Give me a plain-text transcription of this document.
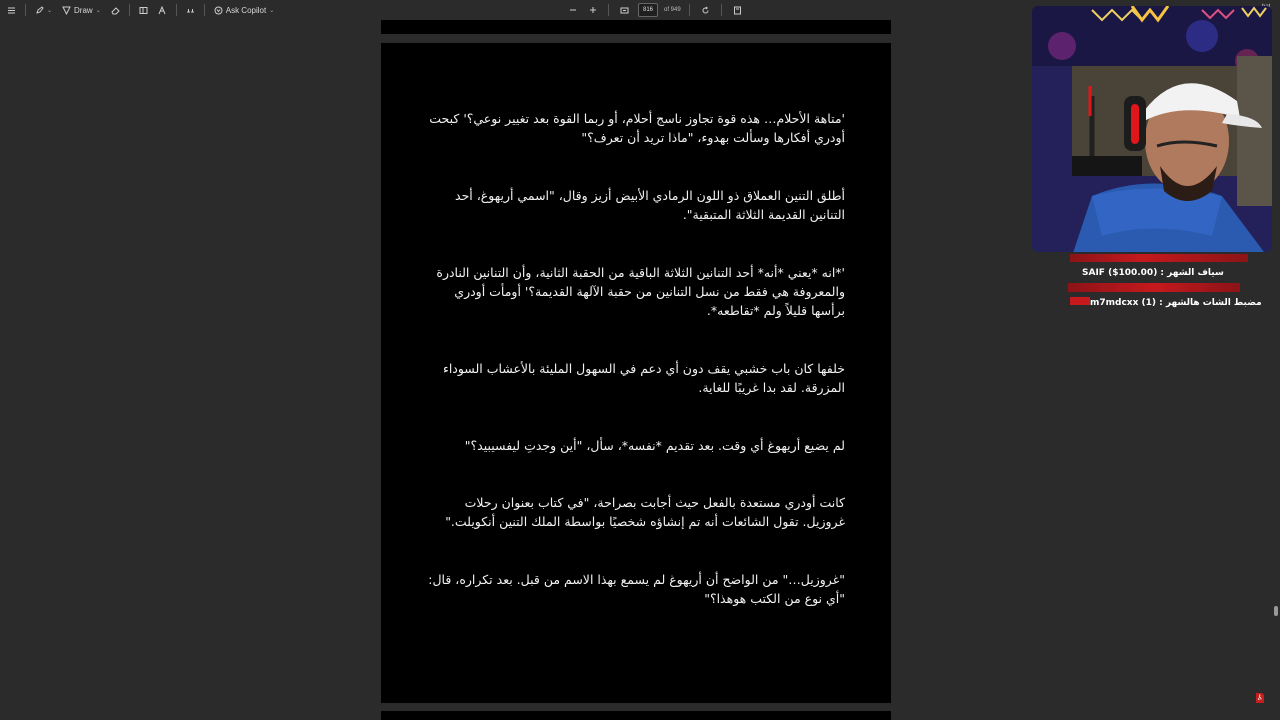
⌄	Draw ⌄	Ask Copilot ⌄	816	of 949
'متاهة الأحلام… هذه قوة تجاوز ناسج أحلام، أو ربما القوة بعد تغيير نوعي؟' كبحت أودري أفكارها وسألت بهدوء، "ماذا تريد أن تعرف؟"
أطلق التنين العملاق ذو اللون الرمادي الأبيض أزيز وقال، "اسمي أريهوغ، أحد التنانين القديمة الثلاثة المتبقية".
'*انه *يعني *أنه* أحد التنانين الثلاثة الباقية من الحقبة الثانية، وأن التنانين النادرة والمعروفة هي فقط من نسل التنانين من حقبة الآلهة القديمة؟' أومأت أودري برأسها قليلاً ولم *تقاطعه*.
خلفها كان باب خشبي يقف دون أي دعم في السهول المليئة بالأعشاب السوداء المزرقة. لقد بدا غريبًا للغاية.
لم يضيع أريهوغ أي وقت. بعد تقديم *نفسه*، سأل، "أين وجدتِ ليفسيبيد؟"
كانت أودري مستعدة بالفعل حيث أجابت بصراحة، "في كتاب بعنوان رحلات غروزيل. تقول الشائعات أنه تم إنشاؤه شخصيًا بواسطة الملك التنين أنكويلت."
"غروزيل…" من الواضح أن أريهوغ لم يسمع بهذا الاسم من قبل. بعد تكراره، قال: "أي نوع من الكتب هوهذا؟"
سياف الشهر : (SAIF ($100.00
مضبط الشات هالشهر : (m7mdcxx (1
